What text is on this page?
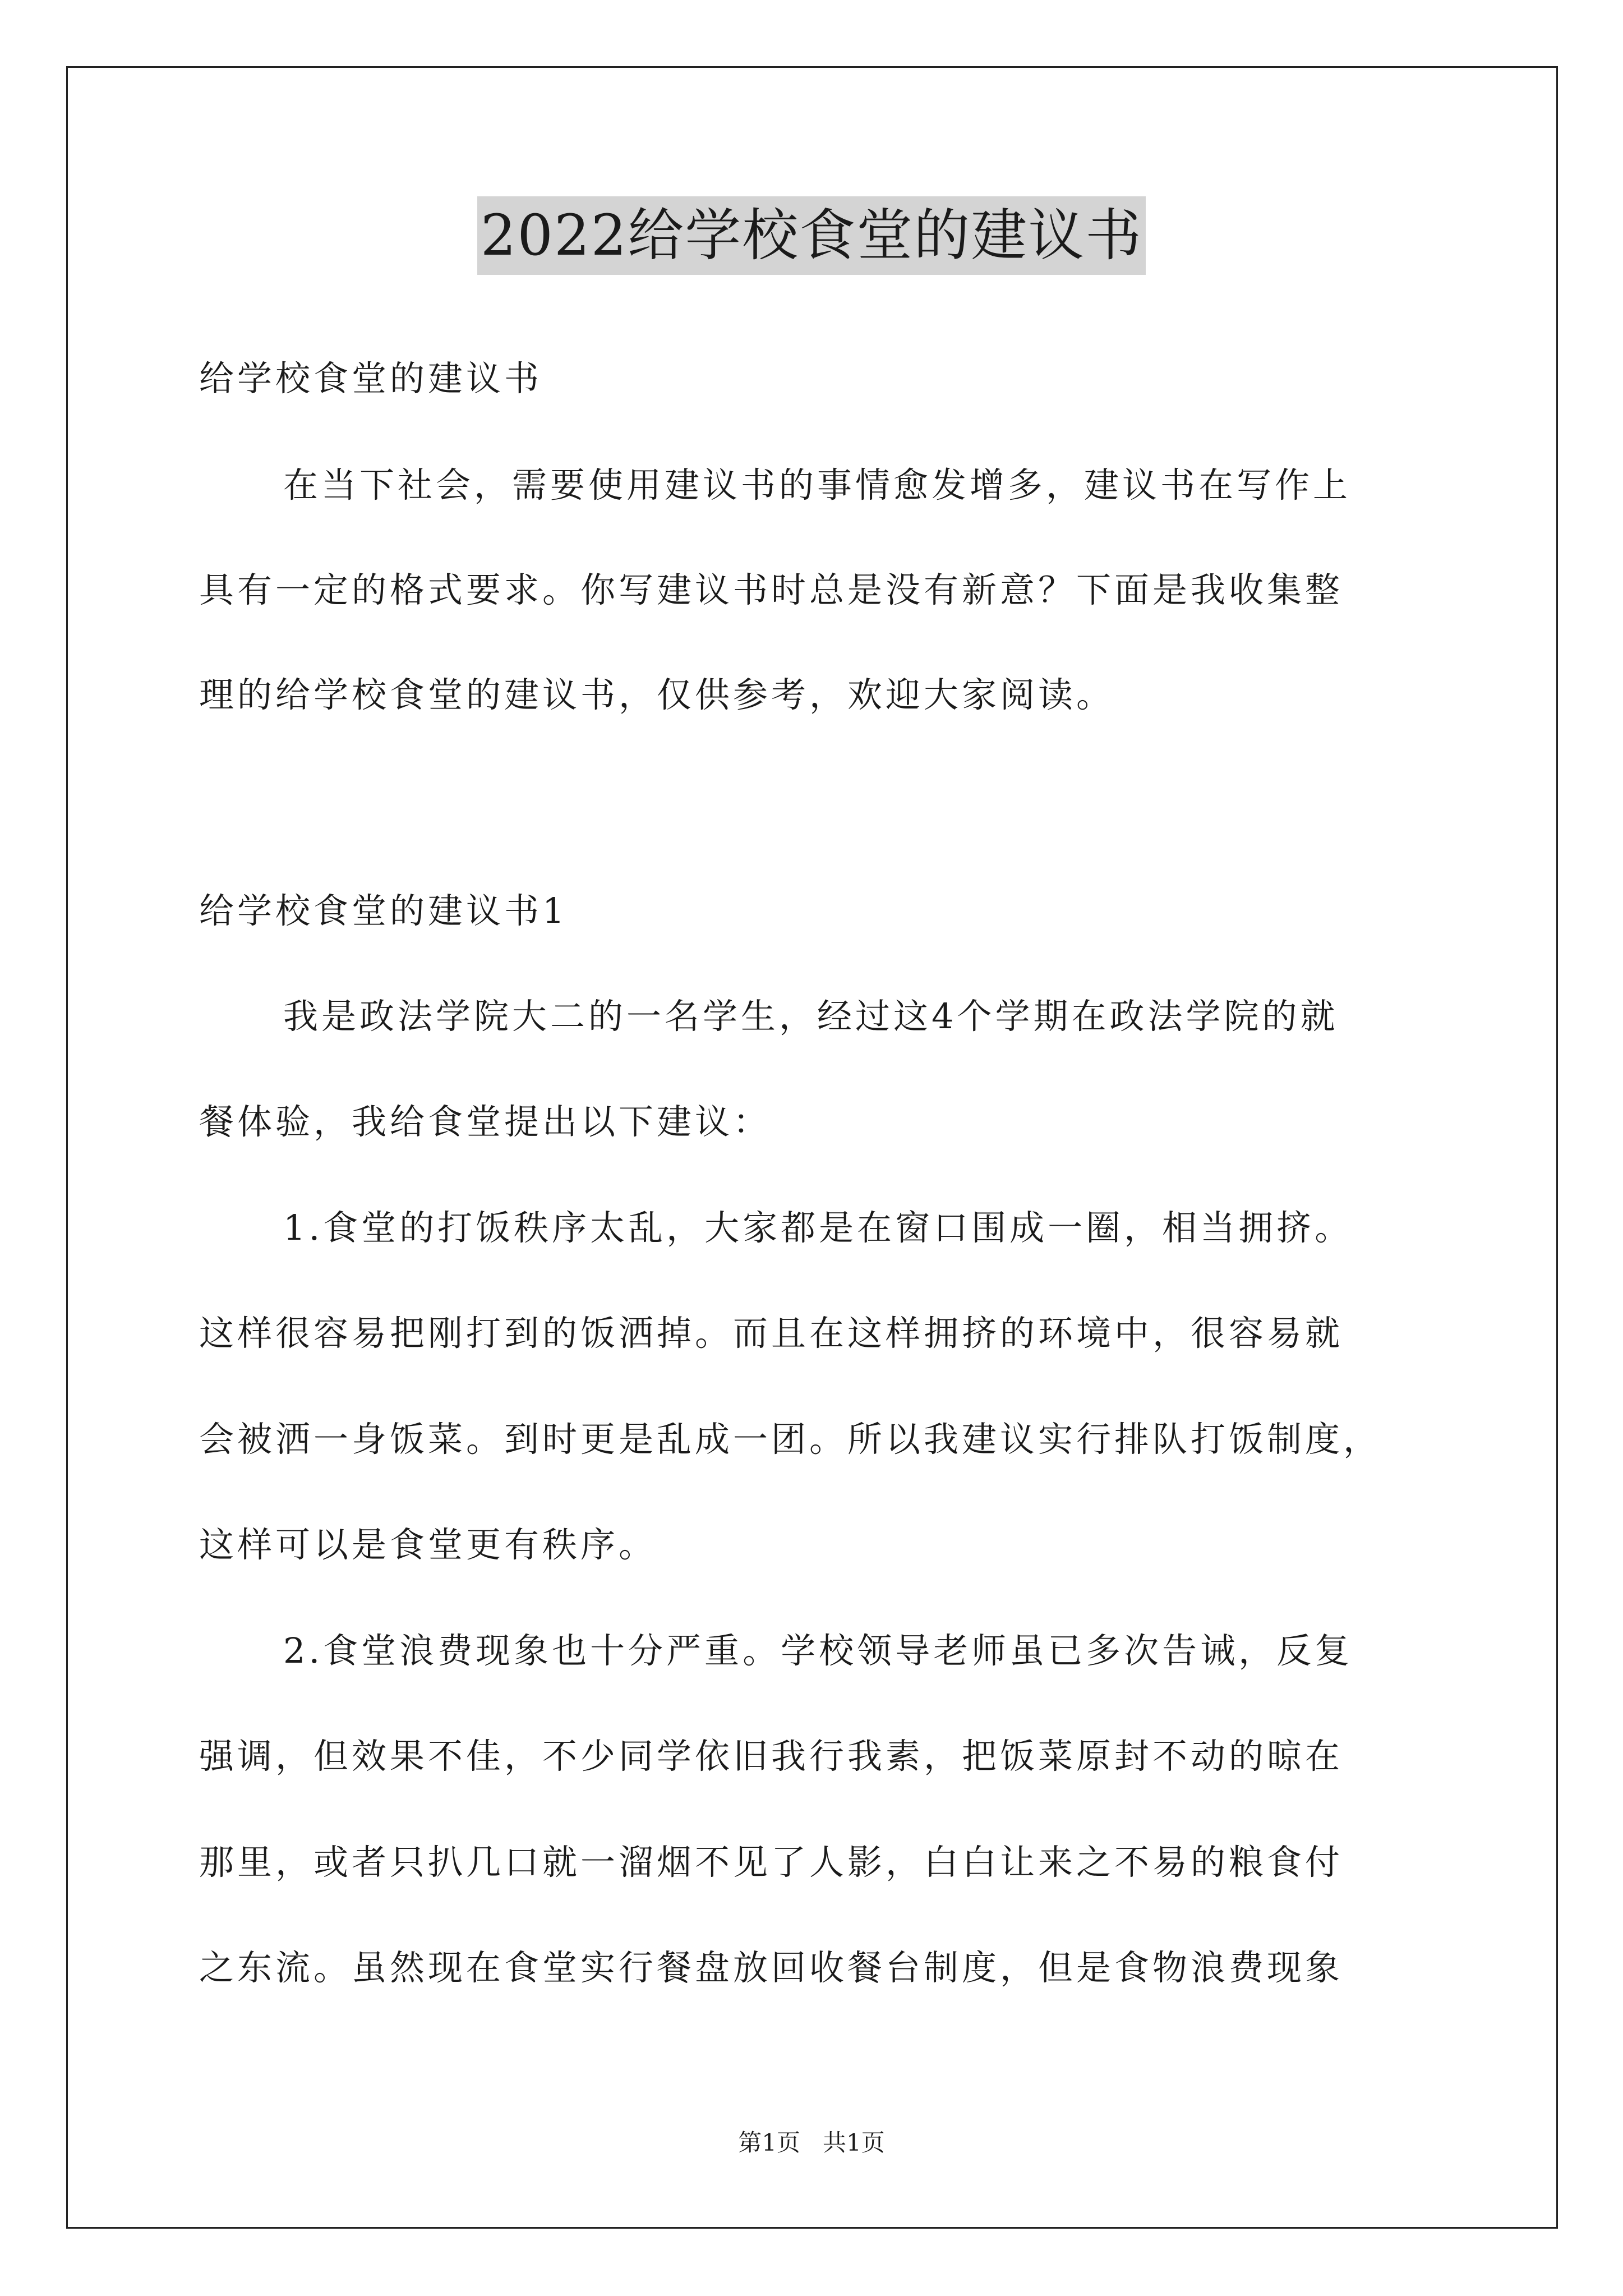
2022给学校食堂的建议书
给学校食堂的建议书
在当下社会，需要使用建议书的事情愈发增多，建议书在写作上
具有一定的格式要求。你写建议书时总是没有新意？下面是我收集整
理的给学校食堂的建议书，仅供参考，欢迎大家阅读。
给学校食堂的建议书1
我是政法学院大二的一名学生，经过这4个学期在政法学院的就
餐体验，我给食堂提出以下建议：
1.食堂的打饭秩序太乱，大家都是在窗口围成一圈，相当拥挤。
这样很容易把刚打到的饭洒掉。而且在这样拥挤的环境中，很容易就
会被洒一身饭菜。到时更是乱成一团。所以我建议实行排队打饭制度，
这样可以是食堂更有秩序。
2.食堂浪费现象也十分严重。学校领导老师虽已多次告诫，反复
强调，但效果不佳，不少同学依旧我行我素，把饭菜原封不动的晾在
那里，或者只扒几口就一溜烟不见了人影，白白让来之不易的粮食付
之东流。虽然现在食堂实行餐盘放回收餐台制度，但是食物浪费现象
第1页   共1页
